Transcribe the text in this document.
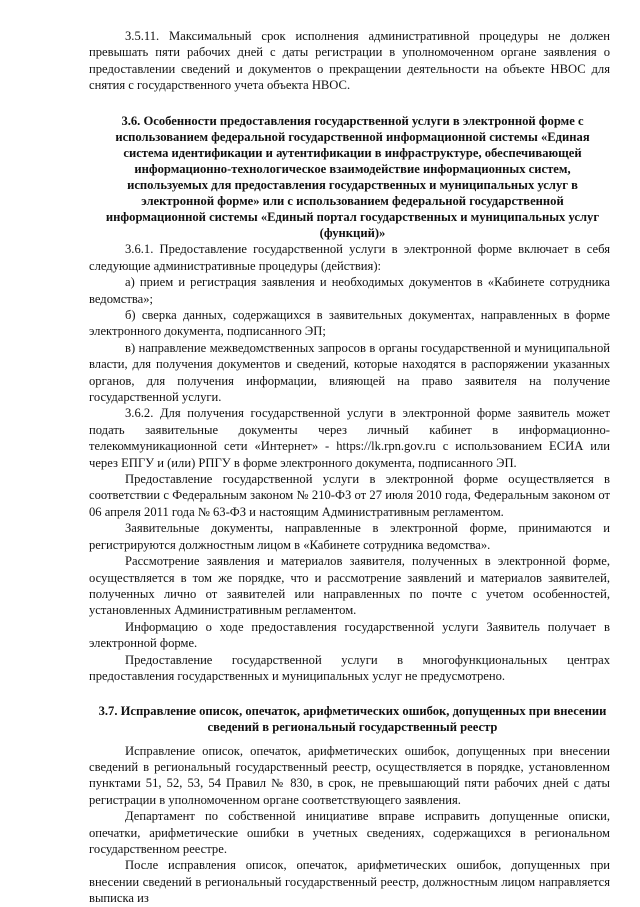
3.5.11. Максимальный срок исполнения административной процедуры не должен превышать пяти рабочих дней с даты регистрации в уполномоченном органе заявления о предоставлении сведений и документов о прекращении деятельности на объекте НВОС для снятия с государственного учета объекта НВОС.

3.6. Особенности предоставления государственной услуги в электронной форме с использованием федеральной государственной информационной системы «Единая система идентификации и аутентификации в инфраструктуре, обеспечивающей информационно-технологическое взаимодействие информационных систем, используемых для предоставления государственных и муниципальных услуг в электронной форме» или с использованием федеральной государственной информационной системы «Единый портал государственных и муниципальных услуг (функций)»

3.6.1. Предоставление государственной услуги в электронной форме включает в себя следующие административные процедуры (действия):

а) прием и регистрация заявления и необходимых документов в «Кабинете сотрудника ведомства»;

б) сверка данных, содержащихся в заявительных документах, направленных в форме электронного документа, подписанного ЭП;

в) направление межведомственных запросов в органы государственной и муниципальной власти, для получения документов и сведений, которые находятся в распоряжении указанных органов, для получения информации, влияющей на право заявителя на получение государственной услуги.

3.6.2. Для получения государственной услуги в электронной форме заявитель может подать заявительные документы через личный кабинет в информационно-телекоммуникационной сети «Интернет» - https://lk.rpn.gov.ru с использованием ЕСИА или через ЕПГУ и (или) РПГУ в форме электронного документа, подписанного ЭП.

Предоставление государственной услуги в электронной форме осуществляется в соответствии с Федеральным законом № 210-ФЗ от 27 июля 2010 года, Федеральным законом от 06 апреля 2011 года № 63-ФЗ и настоящим Административным регламентом.

Заявительные документы, направленные в электронной форме, принимаются и регистрируются должностным лицом в «Кабинете сотрудника ведомства».

Рассмотрение заявления и материалов заявителя, полученных в электронной форме, осуществляется в том же порядке, что и рассмотрение заявлений и материалов заявителей, полученных лично от заявителей или направленных по почте с учетом особенностей, установленных Административным регламентом.

Информацию о ходе предоставления государственной услуги Заявитель получает в электронной форме.

Предоставление государственной услуги в многофункциональных центрах предоставления государственных и муниципальных услуг не предусмотрено.

3.7. Исправление описок, опечаток, арифметических ошибок, допущенных при внесении сведений в региональный государственный реестр

Исправление описок, опечаток, арифметических ошибок, допущенных при внесении сведений в региональный государственный реестр, осуществляется в порядке, установленном пунктами 51, 52, 53, 54 Правил № 830, в срок, не превышающий пяти рабочих дней с даты регистрации в уполномоченном органе соответствующего заявления.

Департамент по собственной инициативе вправе исправить допущенные описки, опечатки, арифметические ошибки в учетных сведениях, содержащихся в региональном государственном реестре.

После исправления описок, опечаток, арифметических ошибок, допущенных при внесении сведений в региональный государственный реестр, должностным лицом направляется выписка из
